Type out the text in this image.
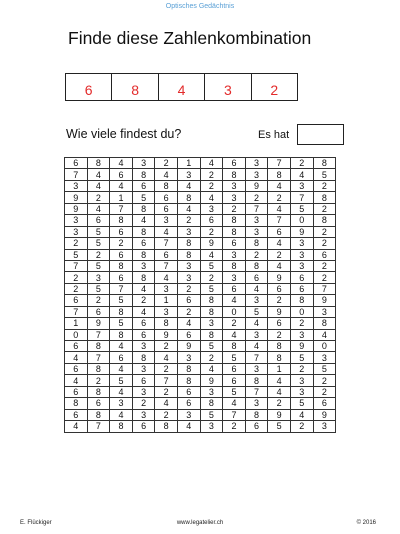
Optisches Gedächtnis
Finde diese Zahlenkombination
6	8	4	3	2
Wie viele findest du?	Es hat
6	8	4	3	2	1	4	6	3	7	2	8
7	4	6	8	4	3	2	8	3	8	4	5
3	4	4	6	8	4	2	3	9	4	3	2
9	2	1	5	6	8	4	3	2	2	7	8
9	4	7	8	6	4	3	2	7	4	5	2
3	6	8	4	3	2	6	8	3	7	0	8
3	5	6	8	4	3	2	8	3	6	9	2
2	5	2	6	7	8	9	6	8	4	3	2
5	2	6	8	6	8	4	3	2	2	3	6
7	5	8	3	7	3	5	8	8	4	3	2
2	3	6	8	4	3	2	3	6	9	6	2
2	5	7	4	3	2	5	6	4	6	6	7
6	2	5	2	1	6	8	4	3	2	8	9
7	6	8	4	3	2	8	0	5	9	0	3
1	9	5	6	8	4	3	2	4	6	2	8
0	7	8	6	9	6	8	4	3	2	3	4
6	8	4	3	2	9	5	8	4	8	9	0
4	7	6	8	4	3	2	5	7	8	5	3
6	8	4	3	2	8	4	6	3	1	2	5
4	2	5	6	7	8	9	6	8	4	3	2
6	8	4	3	2	6	3	5	7	4	3	2
8	6	3	2	4	6	8	4	3	2	5	6
6	8	4	3	2	3	5	7	8	9	4	9
4	7	8	6	8	4	3	2	6	5	2	3
E. Flückiger	www.legatelier.ch	© 2016
